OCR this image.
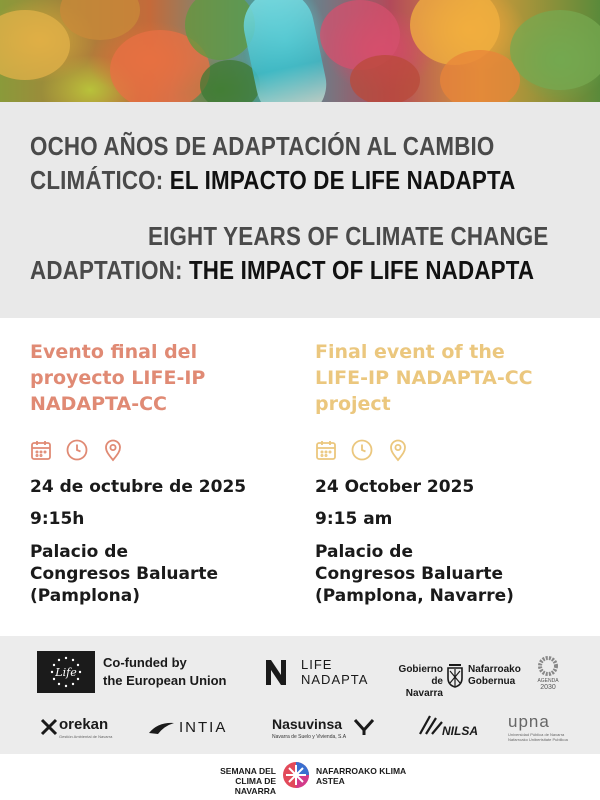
OCHO AÑOS DE ADAPTACIÓN AL CAMBIO
CLIMÁTICO: EL IMPACTO DE LIFE NADAPTA
EIGHT YEARS OF CLIMATE CHANGE
ADAPTATION: THE IMPACT OF LIFE NADAPTA
Evento final del
proyecto LIFE-IP
NADAPTA-CC
24 de octubre de 2025
9:15h
Palacio de
Congresos Baluarte
(Pamplona)
Final event of the
LIFE-IP NADAPTA-CC
project
24 October 2025
9:15 am
Palacio de
Congresos Baluarte
(Pamplona, Navarre)
Life
Co-funded by
the European Union
LIFE
NADAPTA
Gobierno
de Navarra
Nafarroako
Gobernua	AGENDA
2030
orekan
Gestión Ambiental de Navarra
INTIA	Nasuvinsa
Navarra de Suelo y Vivienda, S.A	NILSA upna
Universidad Pública de Navarra
Nafarroako Unibertsitate Publikoa
SEMANA DEL
CLIMA DE NAVARRA
NAFARROAKO KLIMA
ASTEA
